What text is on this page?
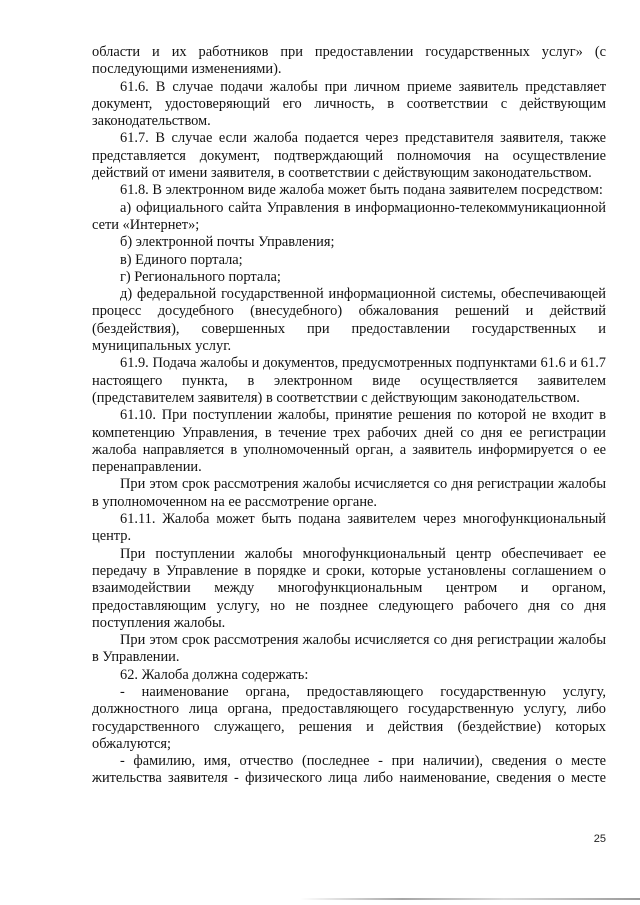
области и их работников при предоставлении государственных услуг» (с последующими изменениями).

61.6. В случае подачи жалобы при личном приеме заявитель представляет документ, удостоверяющий его личность, в соответствии с действующим законодательством.

61.7. В случае если жалоба подается через представителя заявителя, также представляется документ, подтверждающий полномочия на осуществление действий от имени заявителя, в соответствии с действующим законодательством.

61.8. В электронном виде жалоба может быть подана заявителем посредством:

а) официального сайта Управления в информационно-телекоммуникационной сети «Интернет»;

б) электронной почты Управления;

в) Единого портала;

г) Регионального портала;

д) федеральной государственной информационной системы, обеспечивающей процесс досудебного (внесудебного) обжалования решений и действий (бездействия), совершенных при предоставлении государственных и муниципальных услуг.

61.9. Подача жалобы и документов, предусмотренных подпунктами 61.6 и 61.7 настоящего пункта, в электронном виде осуществляется заявителем (представителем заявителя) в соответствии с действующим законодательством.

61.10. При поступлении жалобы, принятие решения по которой не входит в компетенцию Управления, в течение трех рабочих дней со дня ее регистрации жалоба направляется в уполномоченный орган, а заявитель информируется о ее перенаправлении.

При этом срок рассмотрения жалобы исчисляется со дня регистрации жалобы в уполномоченном на ее рассмотрение органе.

61.11. Жалоба может быть подана заявителем через многофункциональный центр.

При поступлении жалобы многофункциональный центр обеспечивает ее передачу в Управление в порядке и сроки, которые установлены соглашением о взаимодействии между многофункциональным центром и органом, предоставляющим услугу, но не позднее следующего рабочего дня со дня поступления жалобы.

При этом срок рассмотрения жалобы исчисляется со дня регистрации жалобы в Управлении.

62. Жалоба должна содержать:

- наименование органа, предоставляющего государственную услугу, должностного лица органа, предоставляющего государственную услугу, либо государственного служащего, решения и действия (бездействие) которых обжалуются;

- фамилию, имя, отчество (последнее - при наличии), сведения о месте жительства заявителя - физического лица либо наименование, сведения о месте

25
